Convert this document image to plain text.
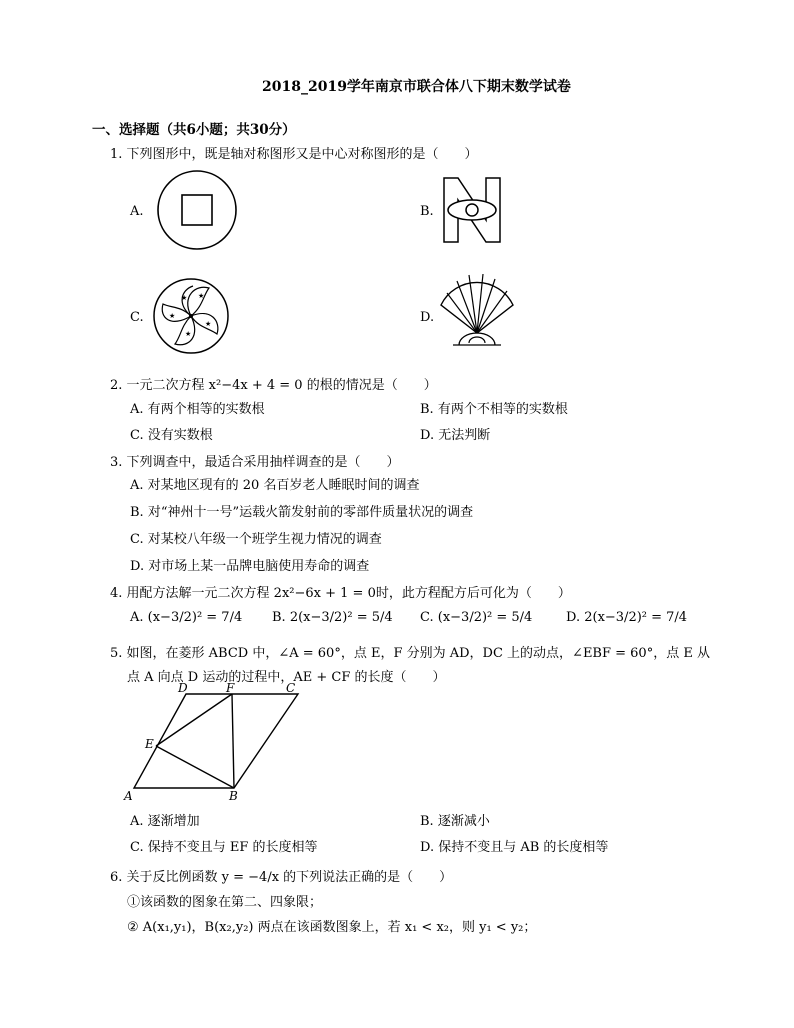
2018_2019学年南京市联合体八下期末数学试卷
一、选择题（共6小题；共30分）
1. 下列图形中，既是轴对称图形又是中心对称图形的是（　　）
A.	B.
C.
★
★
★
★
★
D.
2. 一元二次方程 x²−4x + 4 = 0 的根的情况是（　　）
A. 有两个相等的实数根	B. 有两个不相等的实数根
C. 没有实数根	D. 无法判断
3. 下列调查中，最适合采用抽样调查的是（　　）
A. 对某地区现有的 20 名百岁老人睡眠时间的调查
B. 对“神州十一号”运载火箭发射前的零部件质量状况的调查
C. 对某校八年级一个班学生视力情况的调查
D. 对市场上某一品牌电脑使用寿命的调查
4. 用配方法解一元二次方程 2x²−6x + 1 = 0时，此方程配方后可化为（　　）
A. (x−3/2)² = 7/4 B. 2(x−3/2)² = 5/4 C. (x−3/2)² = 5/4	D. 2(x−3/2)² = 7/4
5. 如图，在菱形 ABCD 中，∠A = 60°，点 E，F 分别为 AD，DC 上的动点，∠EBF = 60°，点 E 从
点 A 向点 D 运动的过程中，AE + CF 的长度（　　）
A	B
C
D
E
F
A. 逐渐增加	B. 逐渐减小
C. 保持不变且与 EF 的长度相等	D. 保持不变且与 AB 的长度相等
6. 关于反比例函数 y = −4/x 的下列说法正确的是（　　）
①该函数的图象在第二、四象限；
② A(x₁,y₁)，B(x₂,y₂) 两点在该函数图象上，若 x₁ < x₂，则 y₁ < y₂；
